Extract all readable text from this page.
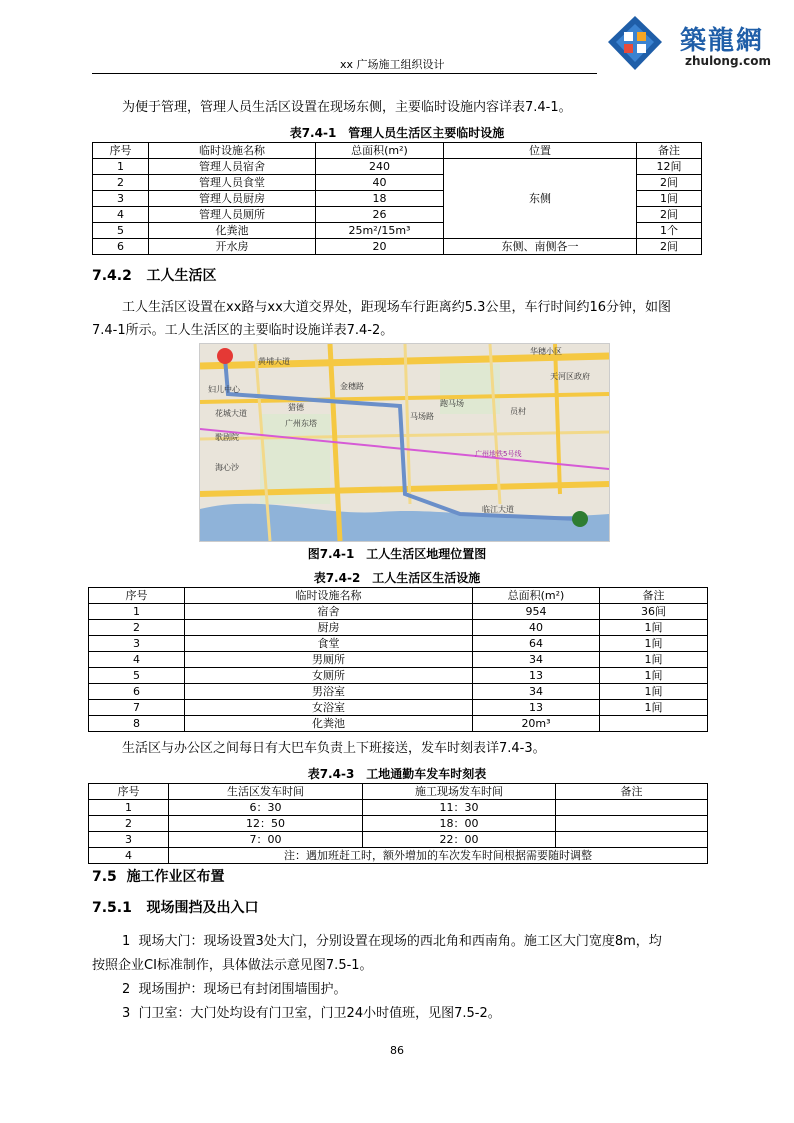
xx 广场施工组织设计
築龍網
zhulong.com
为便于管理，管理人员生活区设置在现场东侧，主要临时设施内容详表7.4-1。
表7.4-1　管理人员生活区主要临时设施
序号	临时设施名称	总面积(m²)	位置	备注
1	管理人员宿舍	240	东侧	12间
2	管理人员食堂	40		2间
3	管理人员厨房	18		1间
4	管理人员厕所	26		2间
5	化粪池	25m²/15m³		1个
6	开水房	20	东侧、南侧各一	2间
7.4.2 工人生活区
工人生活区设置在xx路与xx大道交界处，距现场车行距离约5.3公里，车行时间约16分钟，如图
7.4-1所示。工人生活区的主要临时设施详表7.4-2。
黄埔大道
妇儿中心
花城大道
歌剧院
海心沙
金穗路
猎德
马场路
跑马场
广州东塔
员村
临江大道
天河区政府
华穗小区
广州地铁5号线
图7.4-1　工人生活区地理位置图
表7.4-2　工人生活区生活设施
序号	临时设施名称	总面积(m²)	备注
1	宿舍	954	36间
2	厨房	40	1间
3	食堂	64	1间
4	男厕所	34	1间
5	女厕所	13	1间
6	男浴室	34	1间
7	女浴室	13	1间
8	化粪池	20m³	
生活区与办公区之间每日有大巴车负责上下班接送，发车时刻表详7.4-3。
表7.4-3　工地通勤车发车时刻表
序号	生活区发车时间	施工现场发车时间	备注
1	6：30	11：30	
2	12：50	18：00	
3	7：00	22：00	
4	注：遇加班赶工时，额外增加的车次发车时间根据需要随时调整		
7.5 施工作业区布置
7.5.1 现场围挡及出入口
1 现场大门：现场设置3处大门，分别设置在现场的西北角和西南角。施工区大门宽度8m，均
按照企业CI标准制作，具体做法示意见图7.5-1。
2 现场围护：现场已有封闭围墙围护。
3 门卫室：大门处均设有门卫室，门卫24小时值班，见图7.5-2。
86
